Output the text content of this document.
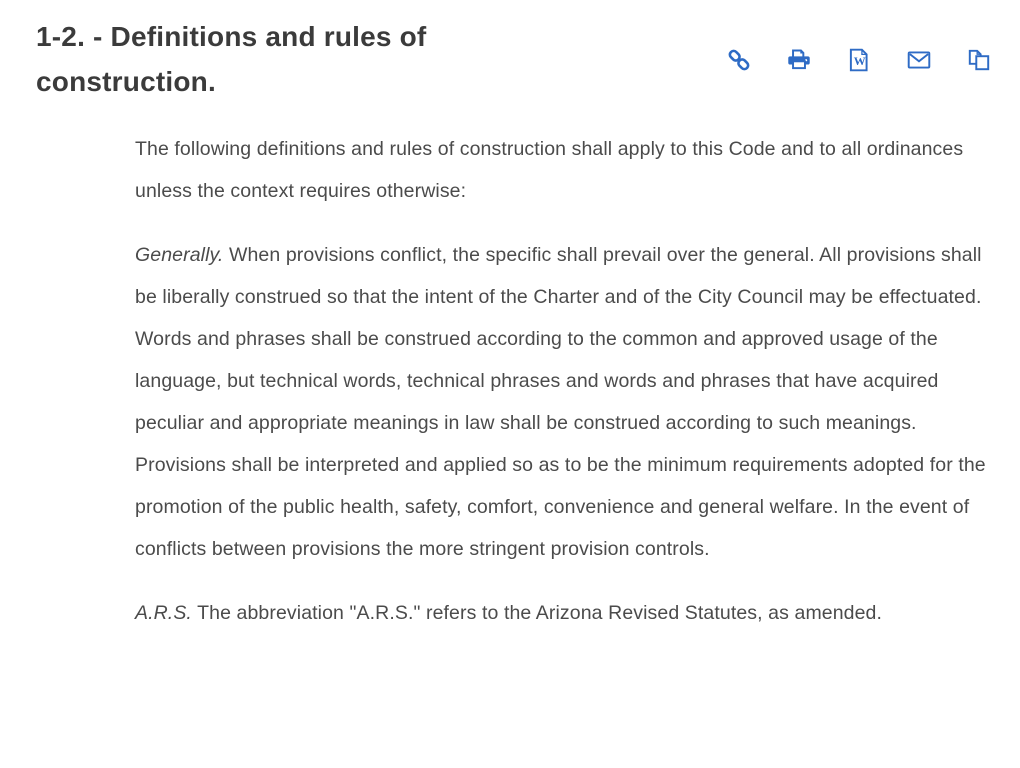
1-2. - Definitions and rules of construction.
W

The following definitions and rules of construction shall apply to this Code and to all ordinances unless the context requires otherwise:

Generally. When provisions conflict, the specific shall prevail over the general. All provisions shall be liberally construed so that the intent of the Charter and of the City Council may be effectuated. Words and phrases shall be construed according to the common and approved usage of the language, but technical words, technical phrases and words and phrases that have acquired peculiar and appropriate meanings in law shall be construed according to such meanings. Provisions shall be interpreted and applied so as to be the minimum requirements adopted for the promotion of the public health, safety, comfort, convenience and general welfare. In the event of conflicts between provisions the more stringent provision controls.

A.R.S. The abbreviation "A.R.S." refers to the Arizona Revised Statutes, as amended.
